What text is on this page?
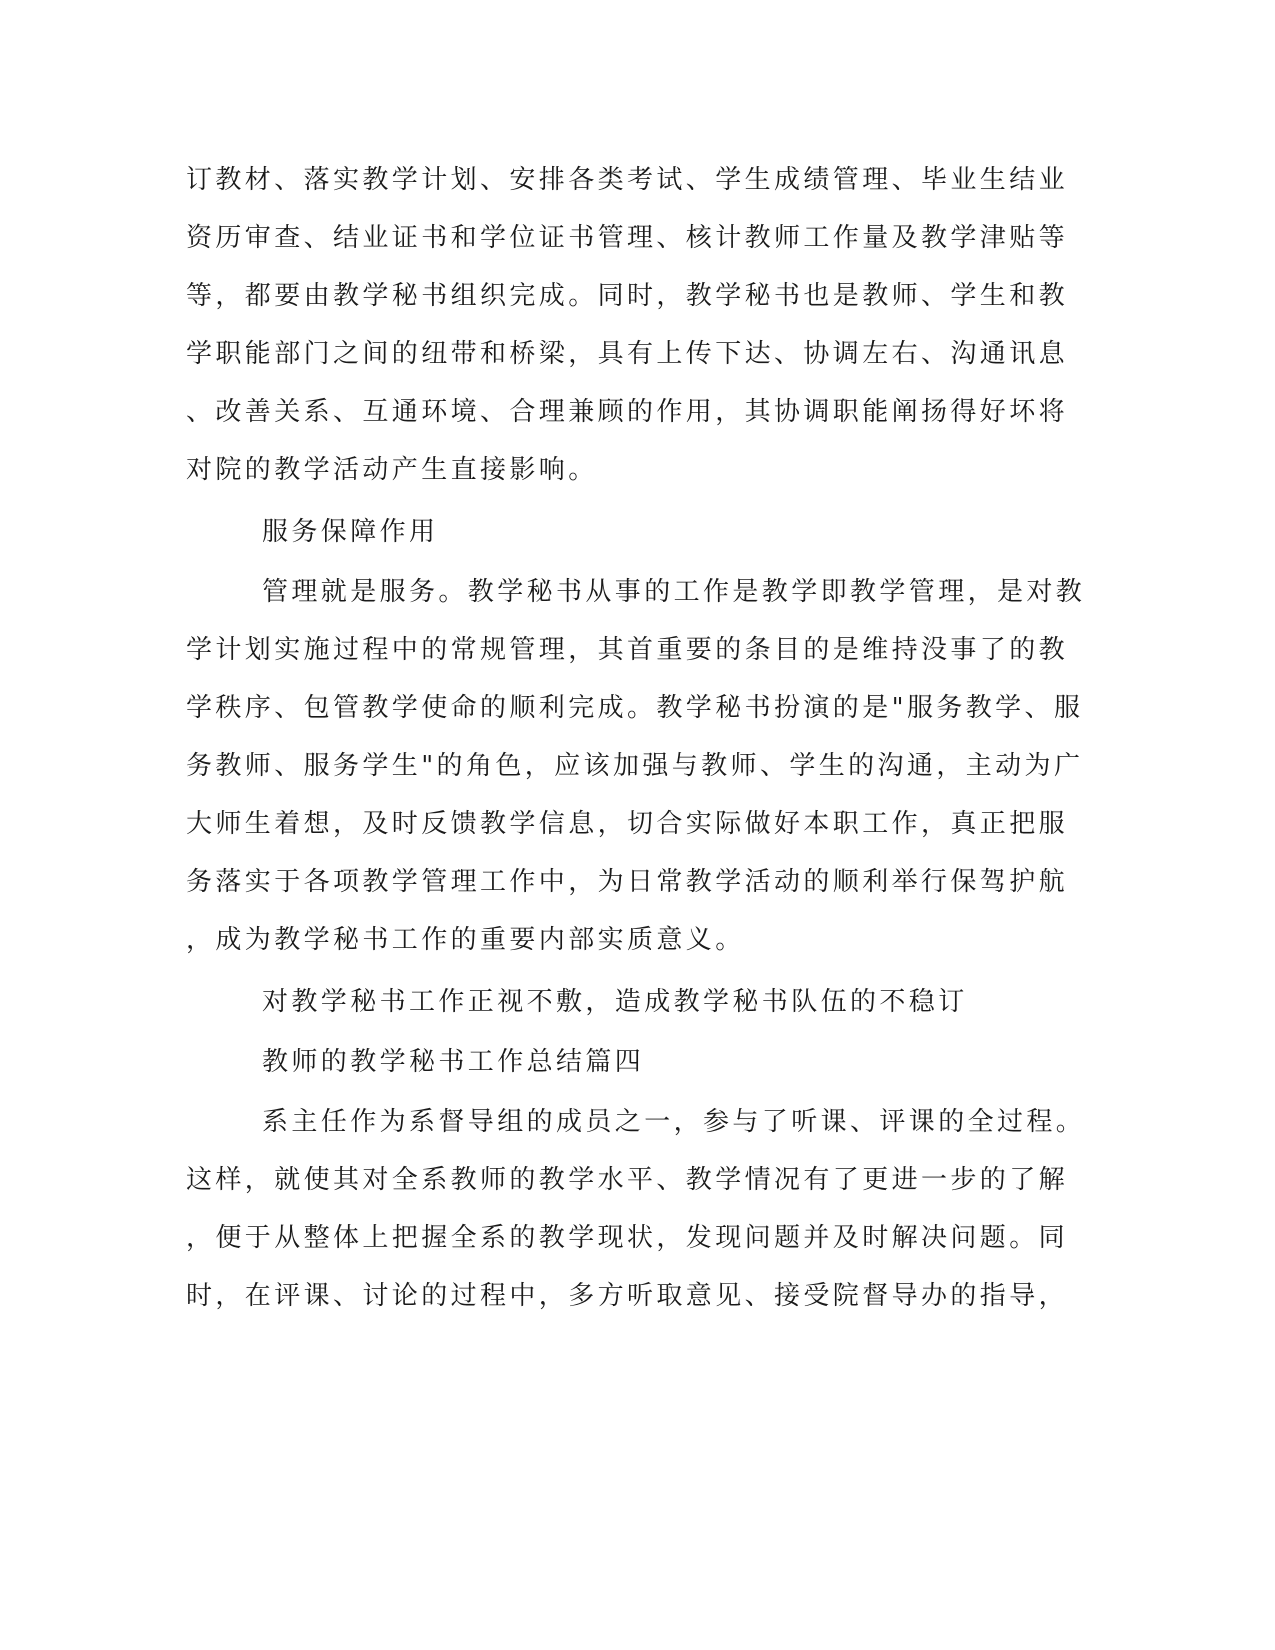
订教材、落实教学计划、安排各类考试、学生成绩管理、毕业生结业

资历审查、结业证书和学位证书管理、核计教师工作量及教学津贴等

等，都要由教学秘书组织完成。同时，教学秘书也是教师、学生和教

学职能部门之间的纽带和桥梁，具有上传下达、协调左右、沟通讯息

、改善关系、互通环境、合理兼顾的作用，其协调职能阐扬得好坏将

对院的教学活动产生直接影响。

服务保障作用

管理就是服务。教学秘书从事的工作是教学即教学管理，是对教

学计划实施过程中的常规管理，其首重要的条目的是维持没事了的教

学秩序、包管教学使命的顺利完成。教学秘书扮演的是"服务教学、服

务教师、服务学生"的角色，应该加强与教师、学生的沟通，主动为广

大师生着想，及时反馈教学信息，切合实际做好本职工作，真正把服

务落实于各项教学管理工作中，为日常教学活动的顺利举行保驾护航

，成为教学秘书工作的重要内部实质意义。

对教学秘书工作正视不敷，造成教学秘书队伍的不稳订

教师的教学秘书工作总结篇四

系主任作为系督导组的成员之一，参与了听课、评课的全过程。

这样，就使其对全系教师的教学水平、教学情况有了更进一步的了解

，便于从整体上把握全系的教学现状，发现问题并及时解决问题。同

时，在评课、讨论的过程中，多方听取意见、接受院督导办的指导，
